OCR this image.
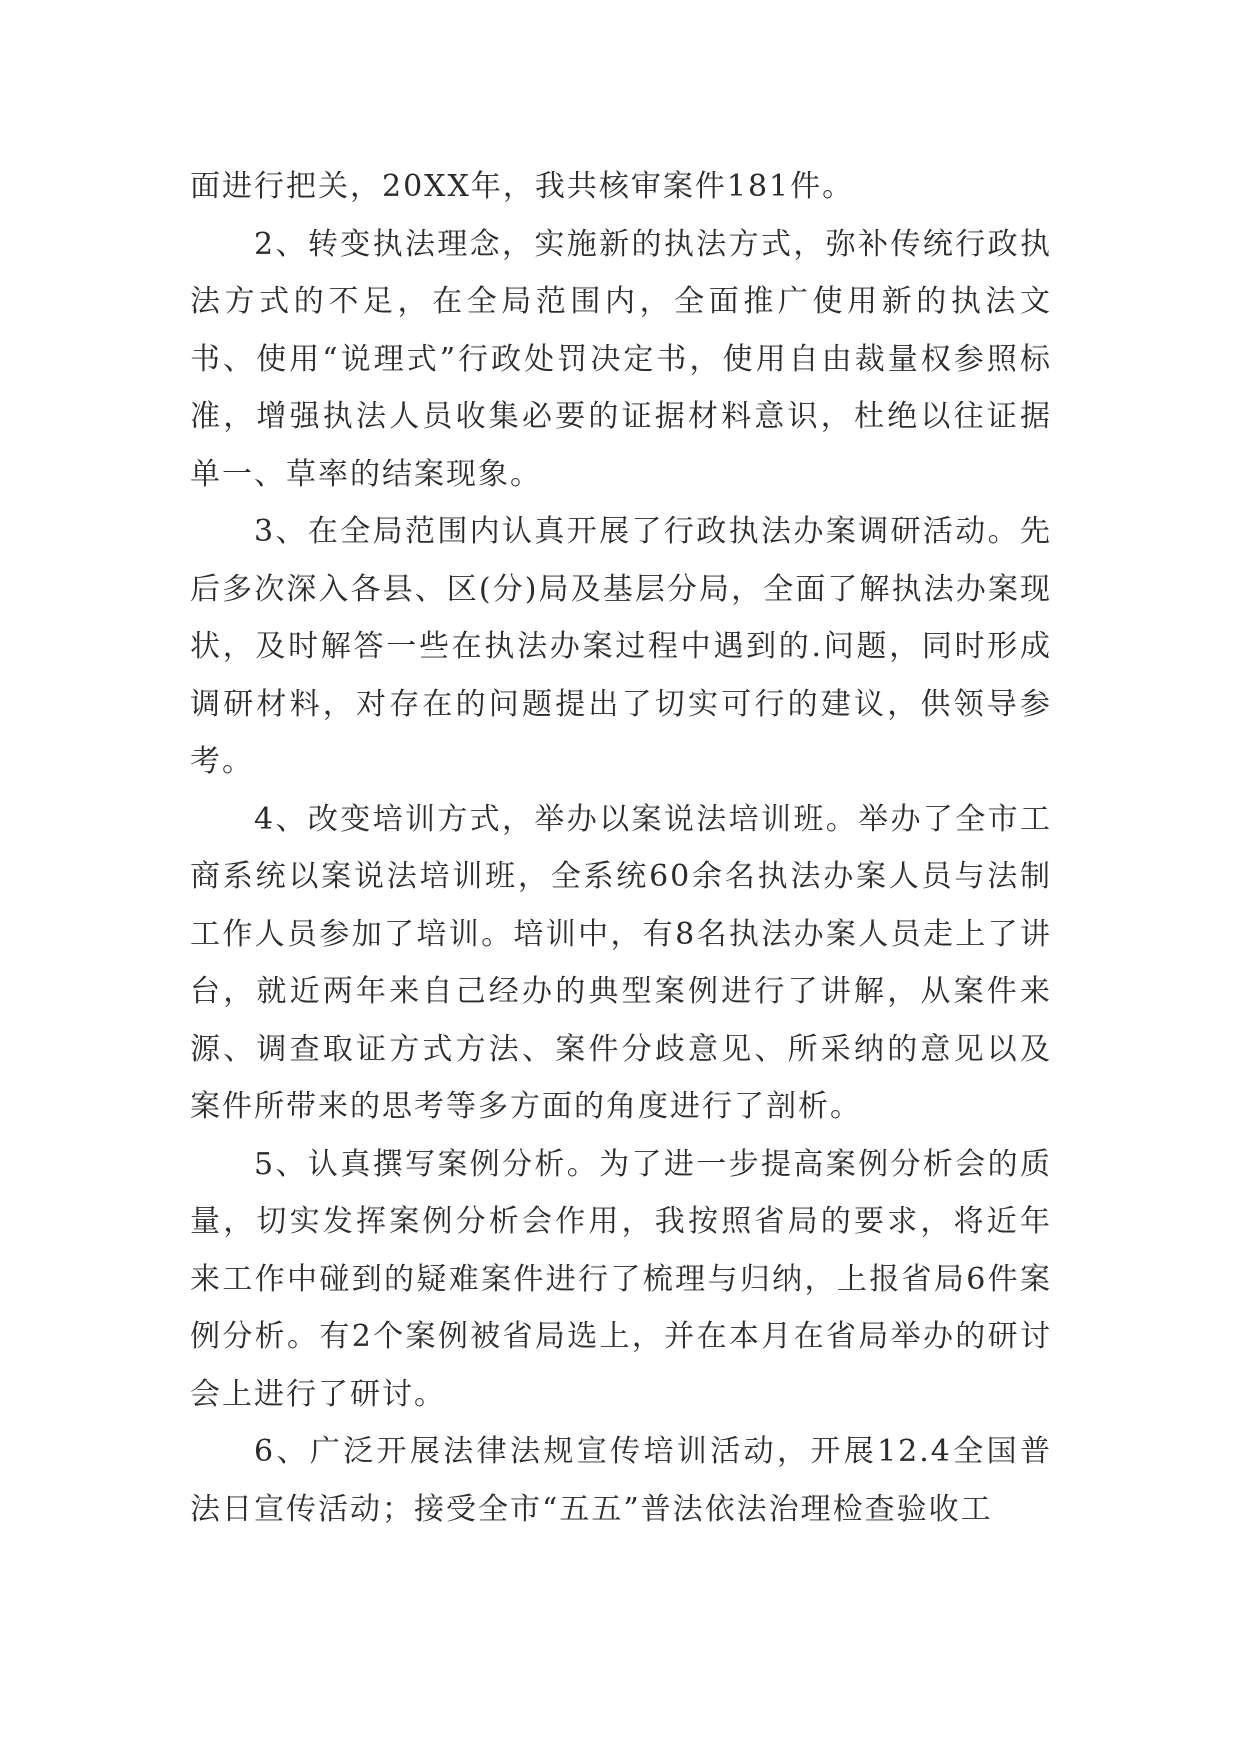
面进行把关，20XX年，我共核审案件181件。

2、转变执法理念，实施新的执法方式，弥补传统行政执法方式的不足，在全局范围内，全面推广使用新的执法文书、使用“说理式”行政处罚决定书，使用自由裁量权参照标准，增强执法人员收集必要的证据材料意识，杜绝以往证据单一、草率的结案现象。

3、在全局范围内认真开展了行政执法办案调研活动。先后多次深入各县、区(分)局及基层分局，全面了解执法办案现状，及时解答一些在执法办案过程中遇到的.问题，同时形成调研材料，对存在的问题提出了切实可行的建议，供领导参考。

4、改变培训方式，举办以案说法培训班。举办了全市工商系统以案说法培训班，全系统60余名执法办案人员与法制工作人员参加了培训。培训中，有8名执法办案人员走上了讲台，就近两年来自己经办的典型案例进行了讲解，从案件来源、调查取证方式方法、案件分歧意见、所采纳的意见以及案件所带来的思考等多方面的角度进行了剖析。

5、认真撰写案例分析。为了进一步提高案例分析会的质量，切实发挥案例分析会作用，我按照省局的要求，将近年来工作中碰到的疑难案件进行了梳理与归纳，上报省局6件案例分析。有2个案例被省局选上，并在本月在省局举办的研讨会上进行了研讨。

6、广泛开展法律法规宣传培训活动，开展12.4全国普法日宣传活动；接受全市“五五”普法依法治理检查验收工
